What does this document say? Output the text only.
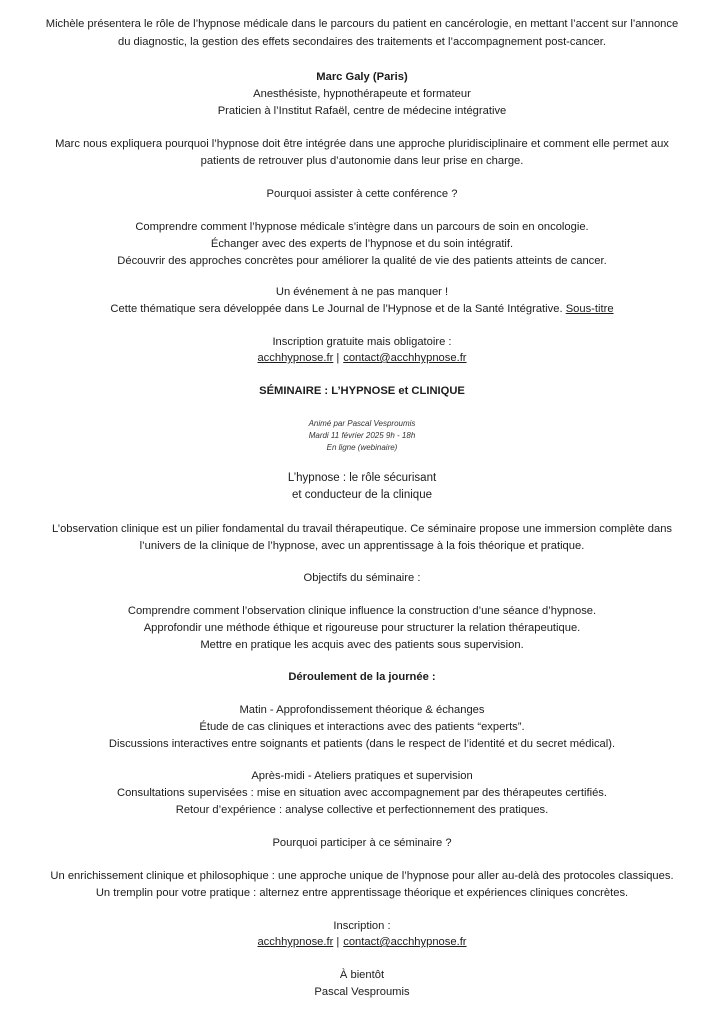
Michèle présentera le rôle de l’hypnose médicale dans le parcours du patient en cancérologie, en mettant l’accent sur l’annonce
du diagnostic, la gestion des effets secondaires des traitements et l’accompagnement post-cancer.
Marc Galy (Paris)
Anesthésiste, hypnothérapeute et formateur
Praticien à l’Institut Rafaël, centre de médecine intégrative
Marc nous expliquera pourquoi l’hypnose doit être intégrée dans une approche pluridisciplinaire et comment elle permet aux
patients de retrouver plus d’autonomie dans leur prise en charge.
Pourquoi assister à cette conférence ?
Comprendre comment l’hypnose médicale s’intègre dans un parcours de soin en oncologie.
Échanger avec des experts de l’hypnose et du soin intégratif.
Découvrir des approches concrètes pour améliorer la qualité de vie des patients atteints de cancer.
Un événement à ne pas manquer !
Cette thématique sera développée dans Le Journal de l’Hypnose et de la Santé Intégrative. Sous-titre
Inscription gratuite mais obligatoire :
acchhypnose.fr | contact@acchhypnose.fr
SÉMINAIRE : L’HYPNOSE et CLINIQUE
Animé par Pascal Vesproumis
Mardi 11 février 2025 9h - 18h
En ligne (webinaire)
L’hypnose : le rôle sécurisant
et conducteur de la clinique
L’observation clinique est un pilier fondamental du travail thérapeutique. Ce séminaire propose une immersion complète dans
l’univers de la clinique de l’hypnose, avec un apprentissage à la fois théorique et pratique.
Objectifs du séminaire :
Comprendre comment l’observation clinique influence la construction d’une séance d’hypnose.
Approfondir une méthode éthique et rigoureuse pour structurer la relation thérapeutique.
Mettre en pratique les acquis avec des patients sous supervision.
Déroulement de la journée :
Matin - Approfondissement théorique & échanges
Étude de cas cliniques et interactions avec des patients “experts”.
Discussions interactives entre soignants et patients (dans le respect de l’identité et du secret médical).
Après-midi - Ateliers pratiques et supervision
Consultations supervisées : mise en situation avec accompagnement par des thérapeutes certifiés.
Retour d’expérience : analyse collective et perfectionnement des pratiques.
Pourquoi participer à ce séminaire ?
Un enrichissement clinique et philosophique : une approche unique de l’hypnose pour aller au-delà des protocoles classiques.
Un tremplin pour votre pratique : alternez entre apprentissage théorique et expériences cliniques concrètes.
Inscription :
acchhypnose.fr | contact@acchhypnose.fr
À bientôt
Pascal Vesproumis
